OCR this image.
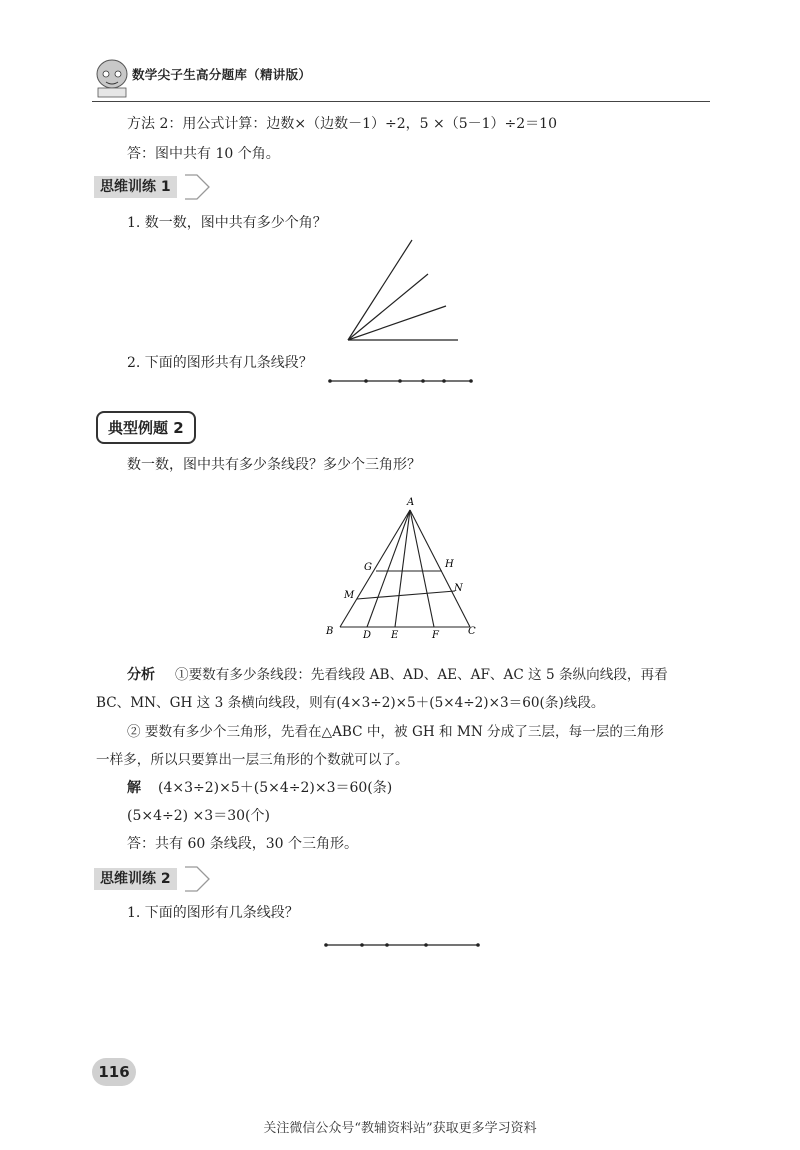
数学尖子生高分题库（精讲版）
方法 2：用公式计算：边数×（边数－1）÷2，5 ×（5－1）÷2＝10
答：图中共有 10 个角。
思维训练 1
1. 数一数，图中共有多少个角？
2. 下面的图形共有几条线段？
典型例题 2
数一数，图中共有多少条线段？多少个三角形？
A
B	C
D E	F
G	H
M
N
分析 ①要数有多少条线段：先看线段 AB、AD、AE、AF、AC 这 5 条纵向线段，再看
BC、MN、GH 这 3 条横向线段，则有(4×3÷2)×5＋(5×4÷2)×3＝60(条)线段。
② 要数有多少个三角形，先看在△ABC 中，被 GH 和 MN 分成了三层，每一层的三角形
一样多，所以只要算出一层三角形的个数就可以了。
解 (4×3÷2)×5＋(5×4÷2)×3＝60(条)
(5×4÷2) ×3＝30(个)
答：共有 60 条线段，30 个三角形。
思维训练 2
1. 下面的图形有几条线段？
116
关注微信公众号“教辅资料站”获取更多学习资料
